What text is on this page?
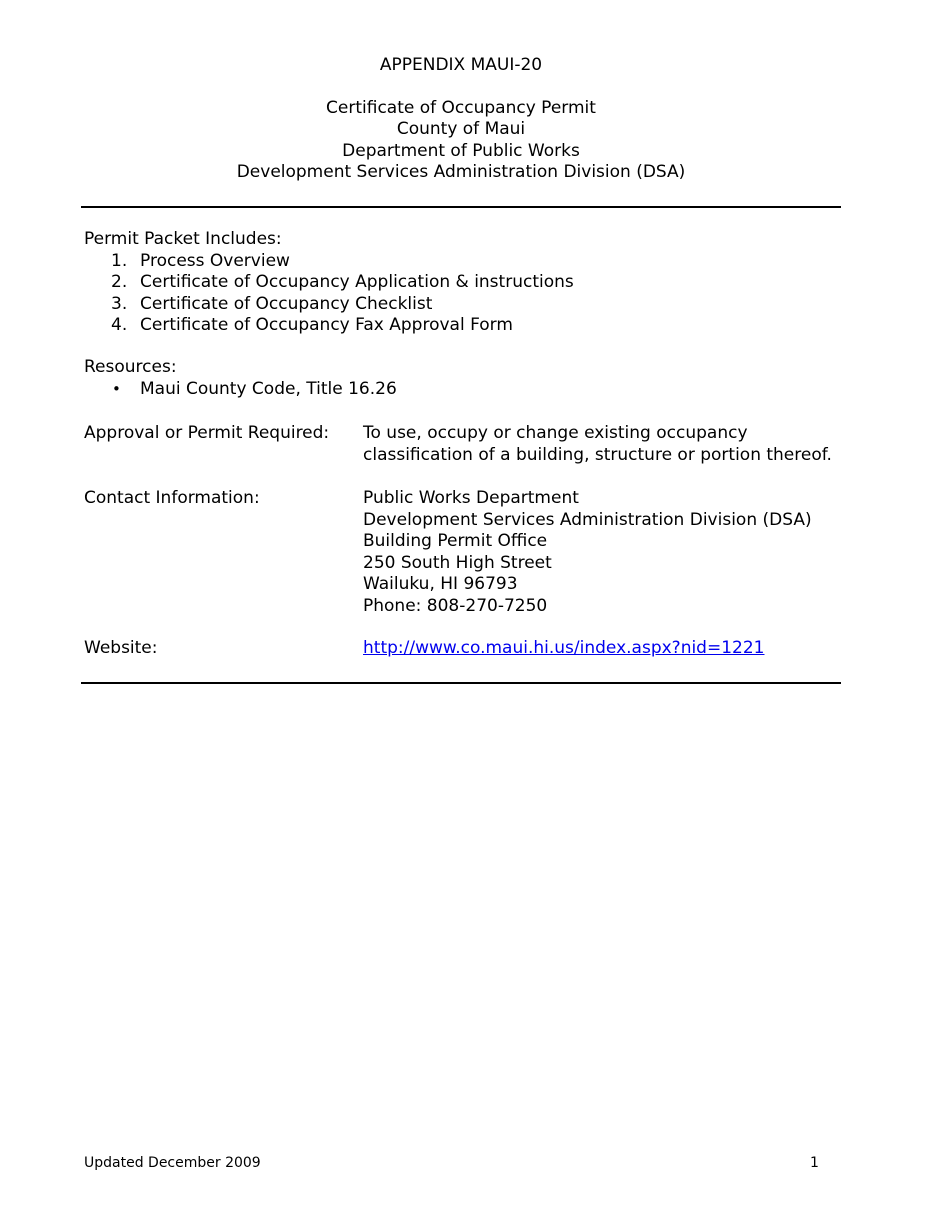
APPENDIX MAUI-20
Certificate of Occupancy Permit
County of Maui
Department of Public Works
Development Services Administration Division (DSA)
Permit Packet Includes:
1. Process Overview
2. Certificate of Occupancy Application & instructions
3. Certificate of Occupancy Checklist
4. Certificate of Occupancy Fax Approval Form
Resources:
• Maui County Code, Title 16.26
Approval or Permit Required:	To use, occupy or change existing occupancy
classification of a building, structure or portion thereof.
Contact Information:	Public Works Department
Development Services Administration Division (DSA)
Building Permit Office
250 South High Street
Wailuku, HI 96793
Phone: 808-270-7250
Website:	http://www.co.maui.hi.us/index.aspx?nid=1221
Updated December 2009	1
